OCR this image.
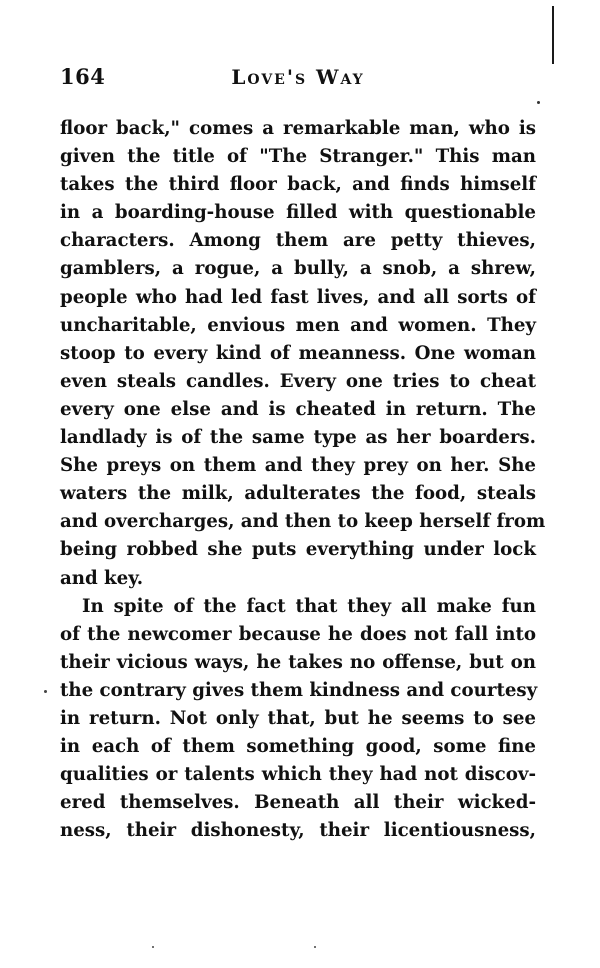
164	Love's Way
floor back," comes a remarkable man, who is
given the title of "The Stranger." This man
takes the third floor back, and finds himself
in a boarding-house filled with questionable
characters. Among them are petty thieves,
gamblers, a rogue, a bully, a snob, a shrew,
people who had led fast lives, and all sorts of
uncharitable, envious men and women. They
stoop to every kind of meanness. One woman
even steals candles. Every one tries to cheat
every one else and is cheated in return. The
landlady is of the same type as her boarders.
She preys on them and they prey on her. She
waters the milk, adulterates the food, steals
and overcharges, and then to keep herself from
being robbed she puts everything under lock
and key.
In spite of the fact that they all make fun
of the newcomer because he does not fall into
their vicious ways, he takes no offense, but on
the contrary gives them kindness and courtesy
in return. Not only that, but he seems to see
in each of them something good, some fine
qualities or talents which they had not discov-
ered themselves. Beneath all their wicked-
ness, their dishonesty, their licentiousness,
